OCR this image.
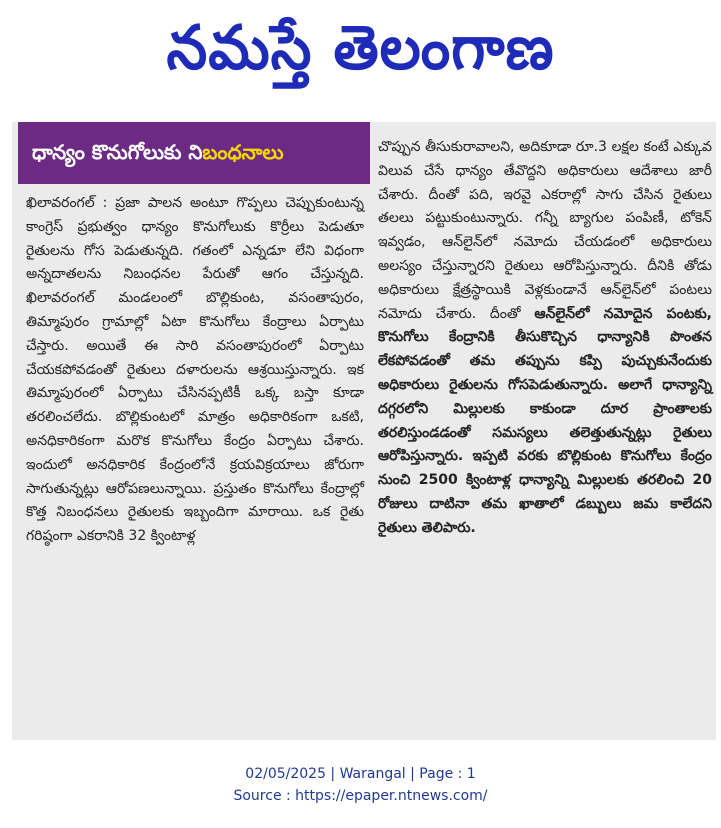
నమస్తే తెలంగాణ
ధాన్యం కొనుగోలుకు ని బంధనాలు
ఖిలావరంగల్ : ప్రజా పాలన అంటూ గొప్పలు చెప్పుకుంటున్న కాంగ్రెస్ ప్రభుత్వం ధాన్యం కొనుగోలుకు కొర్రీలు పెడుతూ రైతులను గోస పెడుతున్నది. గతంలో ఎన్నడూ లేని విధంగా అన్నదాతలను నిబంధనల పేరుతో ఆగం చేస్తున్నది. ఖిలావరంగల్ మండలంలో బొల్లికుంట, వసంతాపురం, తిమ్మాపురం గ్రామాల్లో ఏటా కొనుగోలు కేంద్రాలు ఏర్పాటు చేస్తారు. అయితే ఈ సారి వసంతాపురంలో ఏర్పాటు చేయకపోవడంతో రైతులు దళారులను ఆశ్రయిస్తున్నారు. ఇక తిమ్మాపురంలో ఏర్పాటు చేసినప్పటికీ ఒక్క బస్తా కూడా తరలించలేదు. బొల్లికుంటలో మాత్రం అధికారికంగా ఒకటి, అనధికారికంగా మరొక కొనుగోలు కేంద్రం ఏర్పాటు చేశారు. ఇందులో అనధికారిక కేంద్రంలోనే క్రయవిక్రయాలు జోరుగా సాగుతున్నట్లు ఆరోపణలున్నాయి. ప్రస్తుతం కొనుగోలు కేంద్రాల్లో కొత్త నిబంధనలు రైతులకు ఇబ్బందిగా మారాయి. ఒక రైతు గరిష్ఠంగా ఎకరానికి 32 క్వింటాళ్ల
చొప్పున తీసుకురావాలని, అదికూడా రూ.3 లక్షల కంటే ఎక్కువ విలువ చేసే ధాన్యం తేవొద్దని అధికారులు ఆదేశాలు జారీ చేశారు. దీంతో పది, ఇరవై ఎకరాల్లో సాగు చేసిన రైతులు తలలు పట్టుకుంటున్నారు. గన్నీ బ్యాగుల పంపిణీ, టోకెన్ ఇవ్వడం, ఆన్‌లైన్‌లో నమోదు చేయడంలో అధికారులు అలస్యం చేస్తున్నారని రైతులు ఆరోపిస్తున్నారు. దీనికి తోడు అధికారులు క్షేత్రస్థాయికి వెళ్లకుండానే ఆన్‌లైన్‌లో పంటలు నమోదు చేశారు. దీంతో ఆన్‌లైన్‌లో నమోదైన పంటకు, కొనుగోలు కేంద్రానికి తీసుకొచ్చిన ధాన్యానికి పొంతన లేకపోవడంతో తమ తప్పును కప్పి పుచ్చుకునేందుకు అధికారులు రైతులను గోసపెడుతున్నారు. అలాగే ధాన్యాన్ని దగ్గరలోని మిల్లులకు కాకుండా దూర ప్రాంతాలకు తరలిస్తుండడంతో సమస్యలు తలెత్తుతున్నట్లు రైతులు ఆరోపిస్తున్నారు. ఇప్పటి వరకు బొల్లికుంట కొనుగోలు కేంద్రం నుంచి 2500 క్వింటాళ్ల ధాన్యాన్ని మిల్లులకు తరలించి 20 రోజులు దాటినా తమ ఖాతాలో డబ్బులు జమ కాలేదని రైతులు తెలిపారు.
02/05/2025 | Warangal | Page : 1
Source : https://epaper.ntnews.com/
